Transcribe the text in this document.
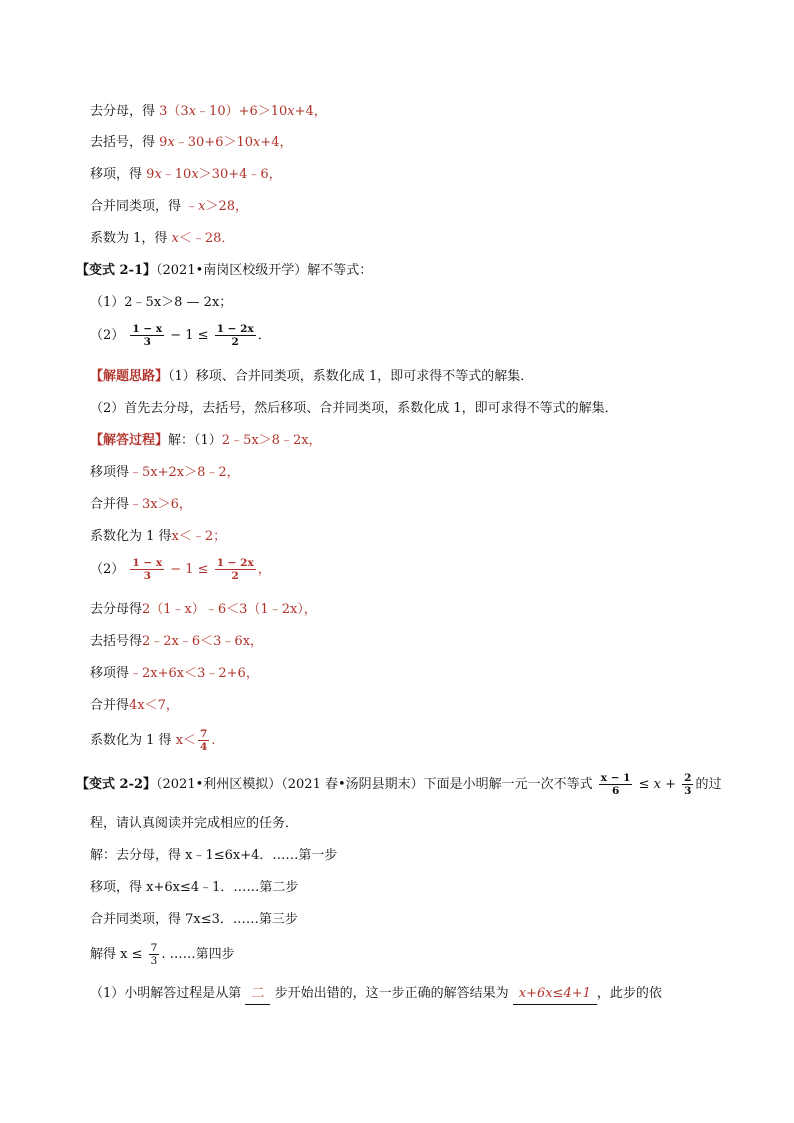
去分母，得 3（3x﹣10）+6＞10x+4，
去括号，得 9x﹣30+6＞10x+4，
移项，得 9x﹣10x＞30+4﹣6，
合并同类项，得 ﹣x＞28，
系数为 1，得 x＜﹣28．
【变式 2-1】（2021•南岗区校级开学）解不等式：
（1）2﹣5x＞8 — 2x；
$(2) \frac{1 - x}{3} - 1 \le \frac{1 - 2x}{2}$ ．
【解题思路】（1）移项、合并同类项，系数化成 1，即可求得不等式的解集．
（2）首先去分母，去括号，然后移项、合并同类项，系数化成 1，即可求得不等式的解集．
【解答过程】解：（1）2﹣5x＞8﹣2x，
移项得﹣5x+2x＞8﹣2，
合并得﹣3x＞6，
系数化为 1 得x＜﹣2；
$(2) \frac{1 - x}{3} - 1 \le \frac{1 - 2x}{2}$ ，
去分母得2（1﹣x）﹣6＜3（1﹣2x），
去括号得2﹣2x﹣6＜3﹣6x，
移项得﹣2x+6x＜3﹣2+6，
合并得4x＜7，
系数化为 1 得 $x< \frac{7}{4}$ .
【变式 2-2】（2021•利州区模拟）（2021 春•汤阴县期末）下面是小明解一元一次不等式 $\frac{x - 1}{6} \le x + \frac{2}{3}$ 的过
程，请认真阅读并完成相应的任务．
解：去分母，得 x﹣1≤6x+4．……第一步
移项，得 x+6x≤4﹣1．……第二步
合并同类项，得 7x≤3．……第三步
解得 $x \le \frac{7}{3}$ . ……第四步
（1）小明解答过程是从第 二 步开始出错的，这一步正确的解答结果为 x+6x≤4+1 ，此步的依
